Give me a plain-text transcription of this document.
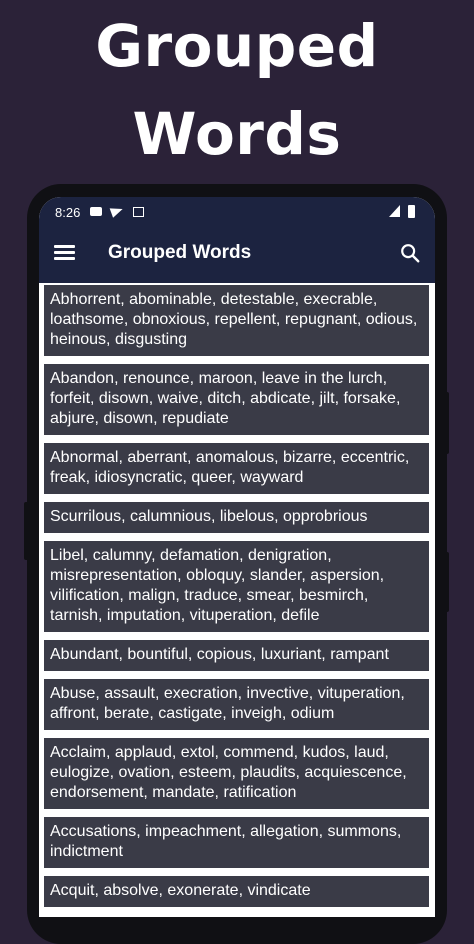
Grouped
Words
8:26
Grouped Words
Abhorrent, abominable, detestable, execrable, loathsome, obnoxious, repellent, repugnant, odious, heinous, disgusting
Abandon, renounce, maroon, leave in the lurch, forfeit, disown, waive, ditch, abdicate, jilt, forsake, abjure, disown, repudiate
Abnormal, aberrant, anomalous, bizarre, eccentric, freak, idiosyncratic, queer, wayward
Scurrilous, calumnious, libelous, opprobrious
Libel, calumny, defamation, denigration, misrepresentation, obloquy, slander, aspersion, vilification, malign, traduce, smear, besmirch, tarnish, imputation, vituperation, defile
Abundant, bountiful, copious, luxuriant, rampant
Abuse, assault, execration, invective, vituperation, affront, berate, castigate, inveigh, odium
Acclaim, applaud, extol, commend, kudos, laud, eulogize, ovation, esteem, plaudits, acquiescence, endorsement, mandate, ratification
Accusations, impeachment, allegation, summons, indictment
Acquit, absolve, exonerate, vindicate
